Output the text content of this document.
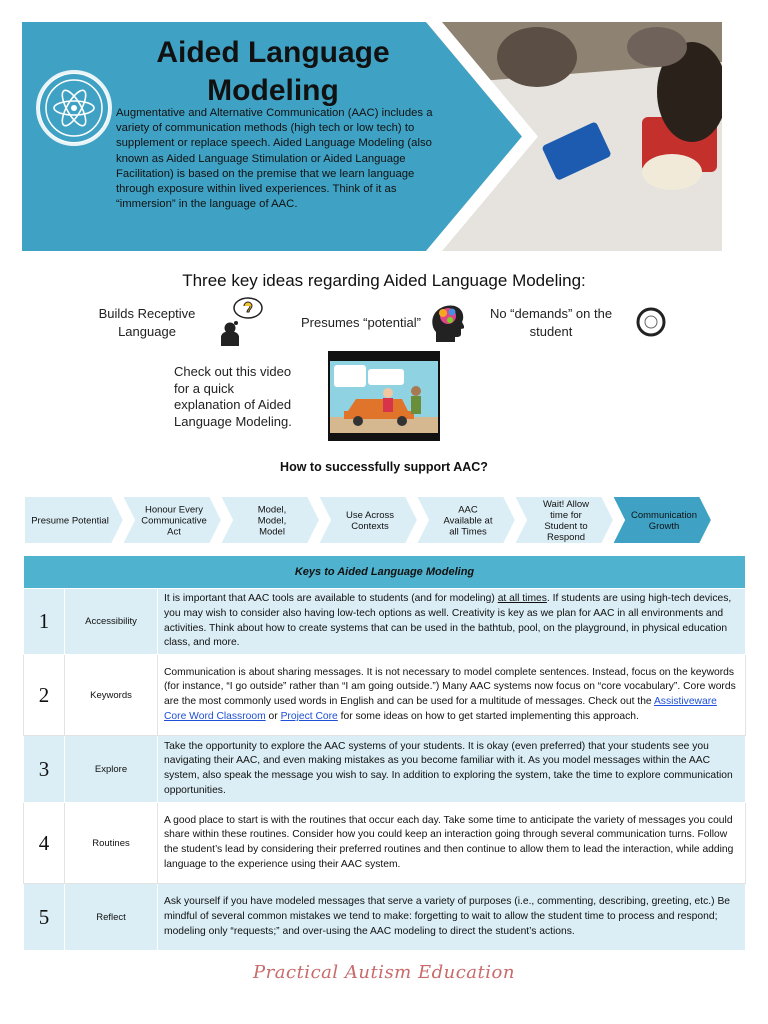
Aided Language
Modeling
Augmentative and Alternative Communication (AAC) includes a variety of communication methods (high tech or low tech) to supplement or replace speech. Aided Language Modeling (also known as Aided Language Stimulation or Aided Language Facilitation) is based on the premise that we learn language through exposure within lived experiences. Think of it as “immersion” in the language of AAC.
Three key ideas regarding Aided Language Modeling:
Builds Receptive
Language
Presumes “potential”
No “demands” on the
student
Check out this video
for a quick
explanation of Aided
Language Modeling.
How to successfully support AAC?
Presume Potential
Honour Every
Communicative
Act
Model,
Model,
Model
Use Across
Contexts
AAC
Available at
all Times
Wait! Allow
time for
Student to
Respond
Communication
Growth
Keys to Aided Language Modeling		
1	Accessibility	It is important that AAC tools are available to students (and for modeling) at all times. If students are using high-tech devices, you may wish to consider also having low-tech options as well. Creativity is key as we plan for AAC in all environments and activities. Think about how to create systems that can be used in the bathtub, pool, on the playground, in physical education class, and more.
2	Keywords	Communication is about sharing messages. It is not necessary to model complete sentences. Instead, focus on the keywords (for instance, “I go outside” rather than “I am going outside.”) Many AAC systems now focus on “core vocabulary”. Core words are the most commonly used words in English and can be used for a multitude of messages. Check out the Assistiveware Core Word Classroom or Project Core for some ideas on how to get started implementing this approach.
3	Explore	Take the opportunity to explore the AAC systems of your students. It is okay (even preferred) that your students see you navigating their AAC, and even making mistakes as you become familiar with it. As you model messages within the AAC system, also speak the message you wish to say. In addition to exploring the system, take the time to explore communication opportunities.
4	Routines	A good place to start is with the routines that occur each day. Take some time to anticipate the variety of messages you could share within these routines. Consider how you could keep an interaction going through several communication turns. Follow the student’s lead by considering their preferred routines and then continue to allow them to lead the interaction, while adding language to the experience using their AAC system.
5	Reflect	Ask yourself if you have modeled messages that serve a variety of purposes (i.e., commenting, describing, greeting, etc.) Be mindful of several common mistakes we tend to make: forgetting to wait to allow the student time to process and respond; modeling only “requests;” and over-using the AAC modeling to direct the student’s actions.
Practical Autism Education
